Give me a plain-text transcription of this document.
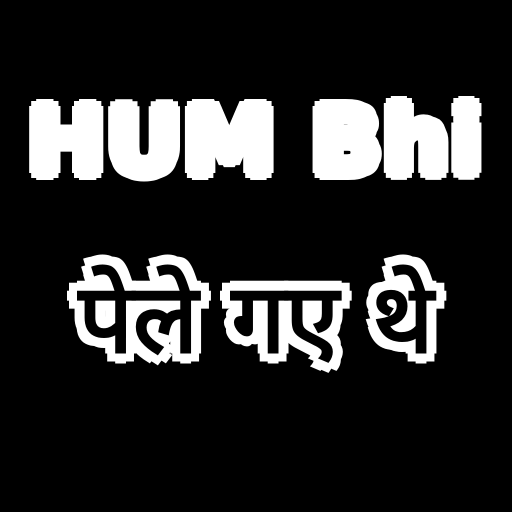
HUM Bhi
पेले गए थे
